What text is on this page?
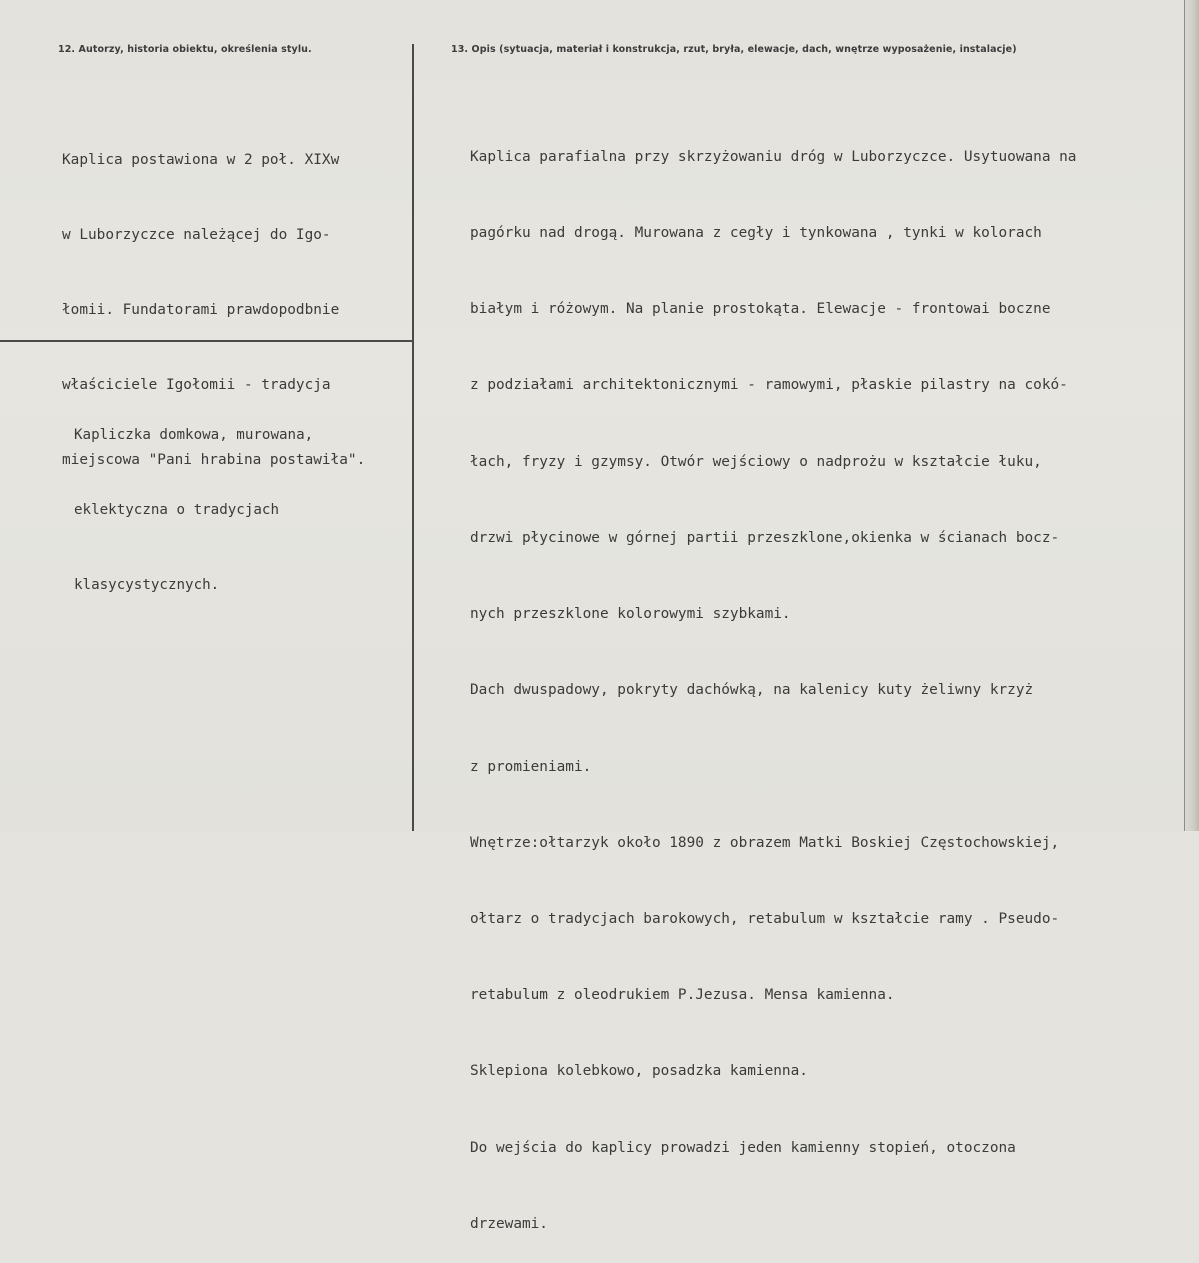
12. Autorzy, historia obiektu, określenia stylu.	13. Opis (sytuacja, materiał i konstrukcja, rzut, bryła, elewacje, dach, wnętrze wyposażenie, instalacje)

Kaplica postawiona w 2 poł. XIXw

w Luborzyczce należącej do Igo-

łomii. Fundatorami prawdopodbnie

właściciele Igołomii - tradycja

miejscowa "Pani hrabina postawiła".

Kapliczka domkowa, murowana,

eklektyczna o tradycjach

klasycystycznych.

Kaplica parafialna przy skrzyżowaniu dróg w Luborzyczce. Usytuowana na

pagórku nad drogą. Murowana z cegły i tynkowana , tynki w kolorach

białym i różowym. Na planie prostokąta. Elewacje - frontowai boczne

z podziałami architektonicznymi - ramowymi, płaskie pilastry na cokó-

łach, fryzy i gzymsy. Otwór wejściowy o nadprożu w kształcie łuku,

drzwi płycinowe w górnej partii przeszklone,okienka w ścianach bocz-

nych przeszklone kolorowymi szybkami.

Dach dwuspadowy, pokryty dachówką, na kalenicy kuty żeliwny krzyż

z promieniami.

Wnętrze:ołtarzyk około 1890 z obrazem Matki Boskiej Częstochowskiej,

ołtarz o tradycjach barokowych, retabulum w kształcie ramy . Pseudo-

retabulum z oleodrukiem P.Jezusa. Mensa kamienna.

Sklepiona kolebkowo, posadzka kamienna.

Do wejścia do kaplicy prowadzi jeden kamienny stopień, otoczona

drzewami.
